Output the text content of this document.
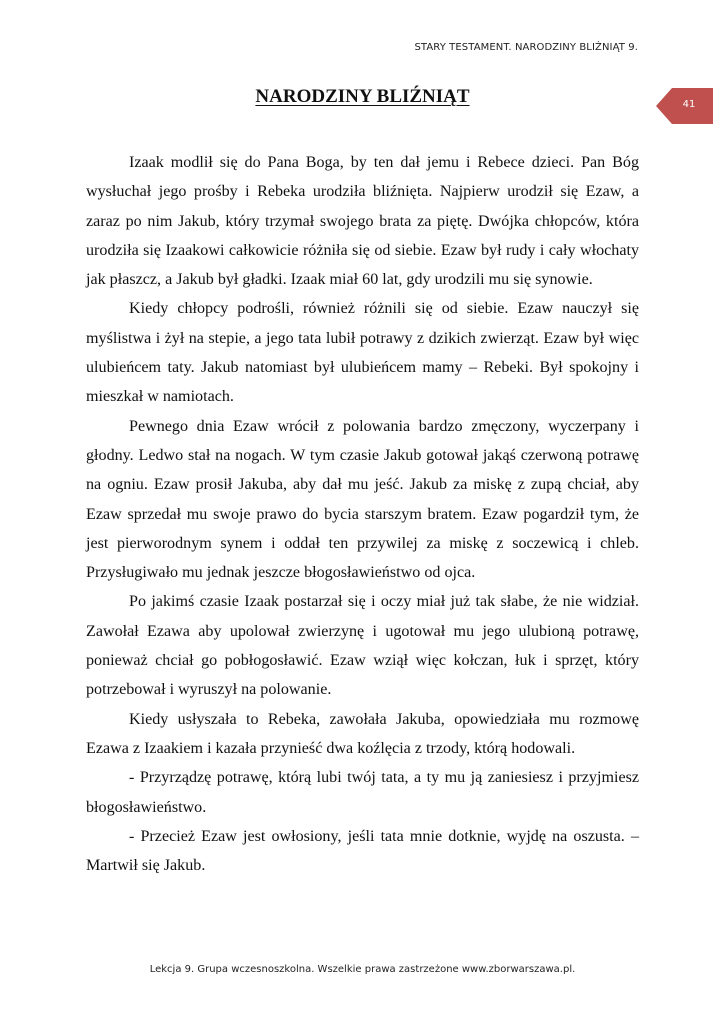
STARY TESTAMENT. NARODZINY BLIŹNIĄT 9.
41
NARODZINY BLIŹNIĄT

Izaak modlił się do Pana Boga, by ten dał jemu i Rebece dzieci. Pan Bóg wysłuchał jego prośby i Rebeka urodziła bliźnięta. Najpierw urodził się Ezaw, a zaraz po nim Jakub, który trzymał swojego brata za piętę. Dwójka chłopców, która urodziła się Izaakowi całkowicie różniła się od siebie. Ezaw był rudy i cały włochaty jak płaszcz, a Jakub był gładki. Izaak miał 60 lat, gdy urodzili mu się synowie.

Kiedy chłopcy podrośli, również różnili się od siebie. Ezaw nauczył się myślistwa i żył na stepie, a jego tata lubił potrawy z dzikich zwierząt. Ezaw był więc ulubieńcem taty. Jakub natomiast był ulubieńcem mamy – Rebeki. Był spokojny i mieszkał w namiotach.

Pewnego dnia Ezaw wrócił z polowania bardzo zmęczony, wyczerpany i głodny. Ledwo stał na nogach. W tym czasie Jakub gotował jakąś czerwoną potrawę na ogniu. Ezaw prosił Jakuba, aby dał mu jeść. Jakub za miskę z zupą chciał, aby Ezaw sprzedał mu swoje prawo do bycia starszym bratem. Ezaw pogardził tym, że jest pierworodnym synem i oddał ten przywilej za miskę z soczewicą i chleb. Przysługiwało mu jednak jeszcze błogosławieństwo od ojca.

Po jakimś czasie Izaak postarzał się i oczy miał już tak słabe, że nie widział. Zawołał Ezawa aby upolował zwierzynę i ugotował mu jego ulubioną potrawę, ponieważ chciał go pobłogosławić. Ezaw wziął więc kołczan, łuk i sprzęt, który potrzebował i wyruszył na polowanie.

Kiedy usłyszała to Rebeka, zawołała Jakuba, opowiedziała mu rozmowę Ezawa z Izaakiem i kazała przynieść dwa koźlęcia z trzody, którą hodowali.

- Przyrządzę potrawę, którą lubi twój tata, a ty mu ją zaniesiesz i przyjmiesz błogosławieństwo.

- Przecież Ezaw jest owłosiony, jeśli tata mnie dotknie, wyjdę na oszusta. – Martwił się Jakub.

Lekcja 9. Grupa wczesnoszkolna. Wszelkie prawa zastrzeżone www.zborwarszawa.pl.
